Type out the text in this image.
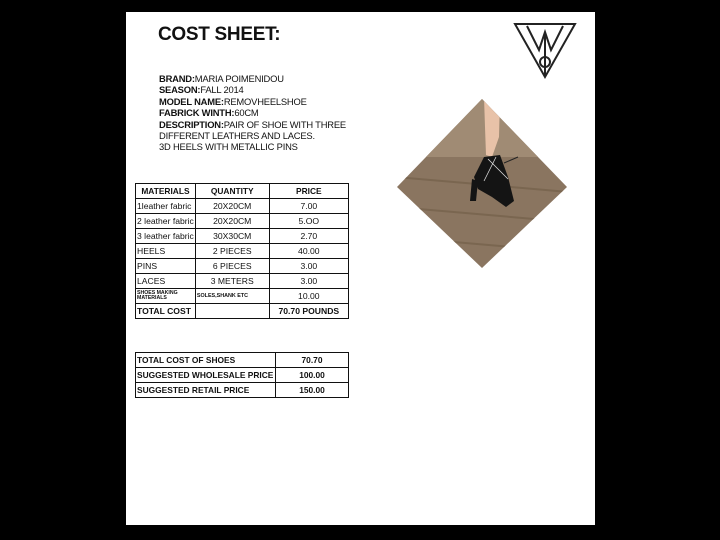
COST SHEET:
BRAND:MARIA POIMENIDOU
SEASON:FALL 2014
MODEL NAME:REMOVHEELSHOE
FABRICK WINTH:60CM
DESCRIPTION:PAIR OF SHOE WITH THREE
DIFFERENT LEATHERS AND LACES.
3D HEELS WITH METALLIC PINS
MATERIALS	QUANTITY	PRICE
1leather fabric	20X20CM	7.00
2 leather fabric	20X20CM	5.OO
3 leather fabric	30X30CM	2.70
HEELS	2 PIECES	40.00
PINS	6 PIECES	3.00
LACES	3 METERS	3.00
SHOES MAKING MATERIALS	SOLES,SHANK ETC	10.00
TOTAL COST		70.70 POUNDS
TOTAL COST OF SHOES	70.70
SUGGESTED WHOLESALE PRICE	100.00
SUGGESTED RETAIL PRICE	150.00
